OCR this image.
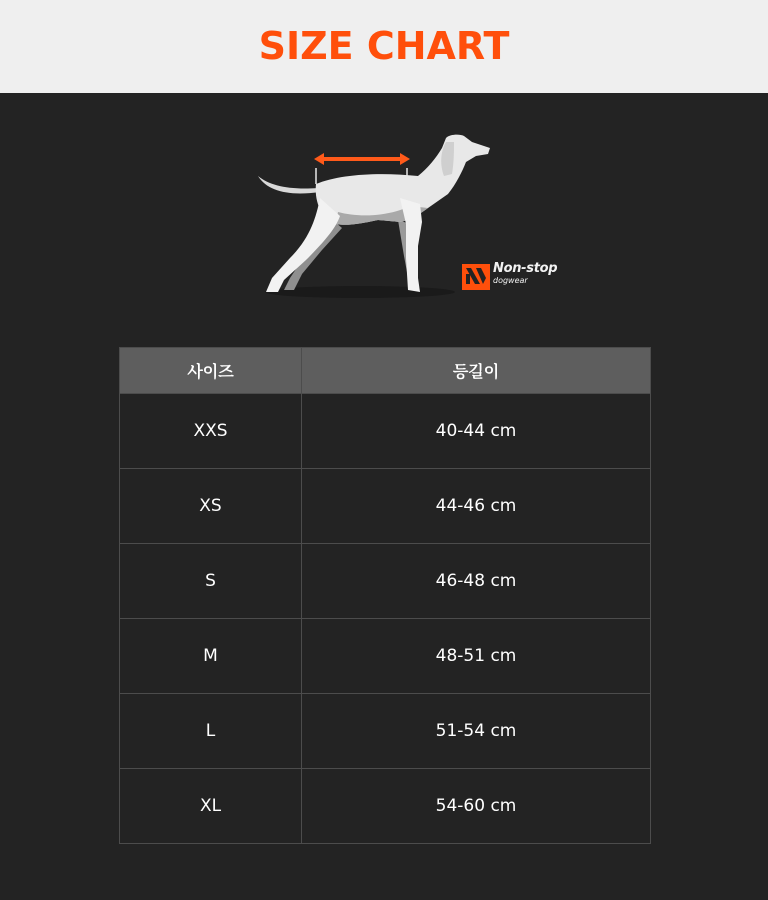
SIZE CHART
Non-stop
dogwear
사이즈	등길이
XXS	40-44 cm
XS	44-46 cm
S	46-48 cm
M	48-51 cm
L	51-54 cm
XL	54-60 cm
